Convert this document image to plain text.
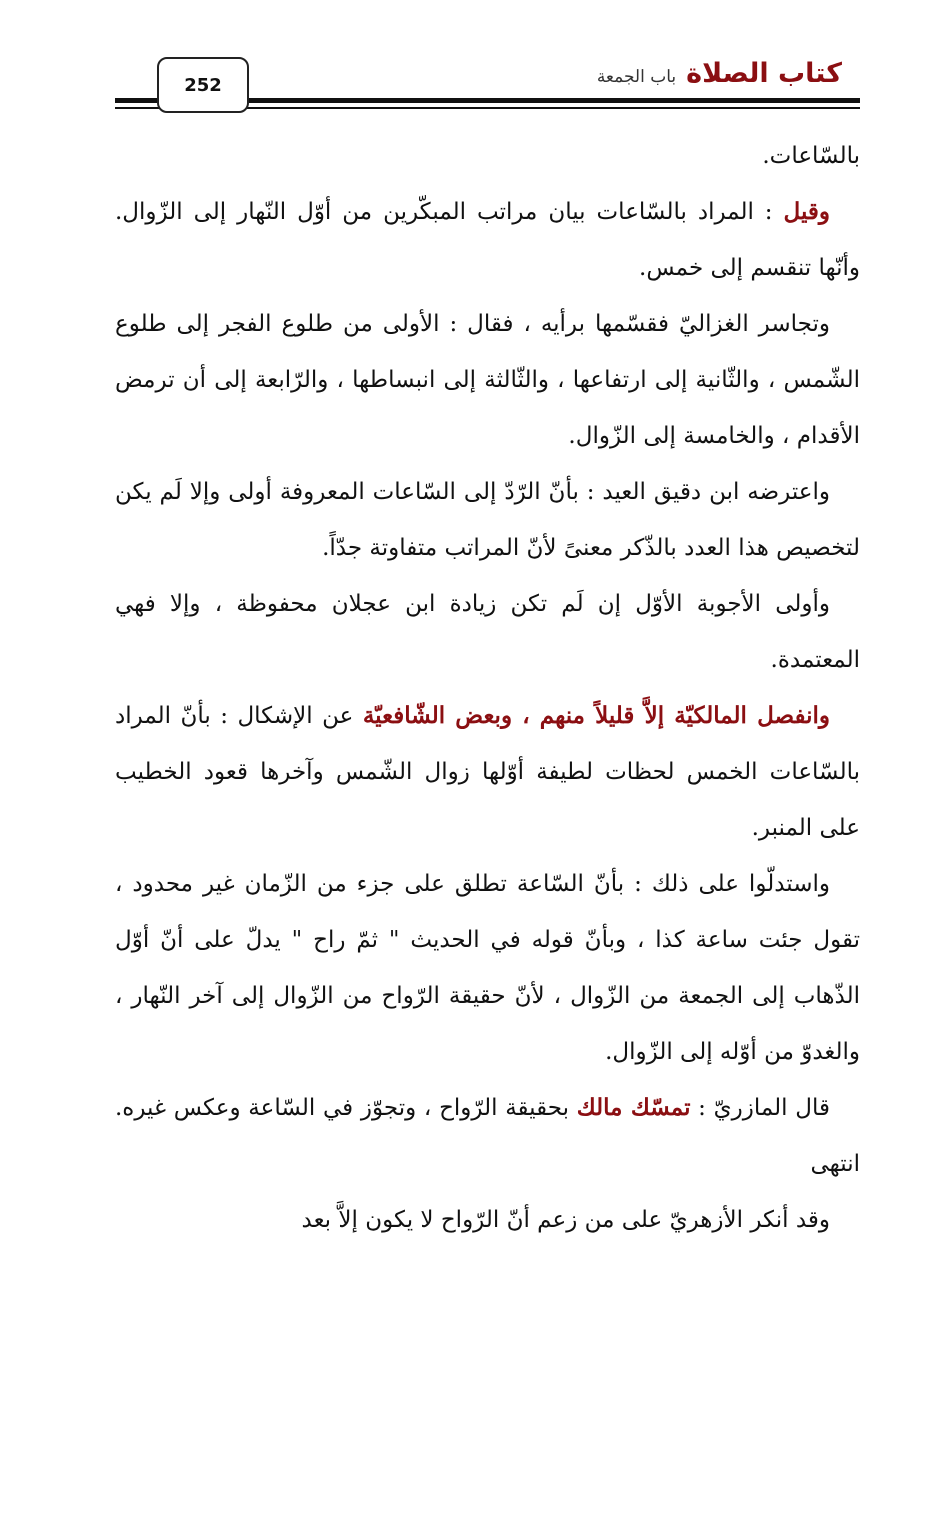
252	كتاب الصلاة
باب الجمعة

بالسّاعات.

وقيل : المراد بالسّاعات بيان مراتب المبكّرين من أوّل النّهار إلى الزّوال. وأنّها تنقسم إلى خمس.

وتجاسر الغزاليّ فقسّمها برأيه ، فقال : الأولى من طلوع الفجر إلى طلوع الشّمس ، والثّانية إلى ارتفاعها ، والثّالثة إلى انبساطها ، والرّابعة إلى أن ترمض الأقدام ، والخامسة إلى الزّوال.

واعترضه ابن دقيق العيد : بأنّ الرّدّ إلى السّاعات المعروفة أولى وإلا لَم يكن لتخصيص هذا العدد بالذّكر معنىً لأنّ المراتب متفاوتة جدّاً.

وأولى الأجوبة الأوّل إن لَم تكن زيادة ابن عجلان محفوظة ، وإلا فهي المعتمدة.

وانفصل المالكيّة إلاَّ قليلاً منهم ، وبعض الشّافعيّة عن الإشكال : بأنّ المراد بالسّاعات الخمس لحظات لطيفة أوّلها زوال الشّمس وآخرها قعود الخطيب على المنبر.

واستدلّوا على ذلك : بأنّ السّاعة تطلق على جزء من الزّمان غير محدود ، تقول جئت ساعة كذا ، وبأنّ قوله في الحديث " ثمّ راح " يدلّ على أنّ أوّل الذّهاب إلى الجمعة من الزّوال ، لأنّ حقيقة الرّواح من الزّوال إلى آخر النّهار ، والغدوّ من أوّله إلى الزّوال.

قال المازريّ : تمسّك مالك بحقيقة الرّواح ، وتجوّز في السّاعة وعكس غيره. انتهى

وقد أنكر الأزهريّ على من زعم أنّ الرّواح لا يكون إلاَّ بعد
